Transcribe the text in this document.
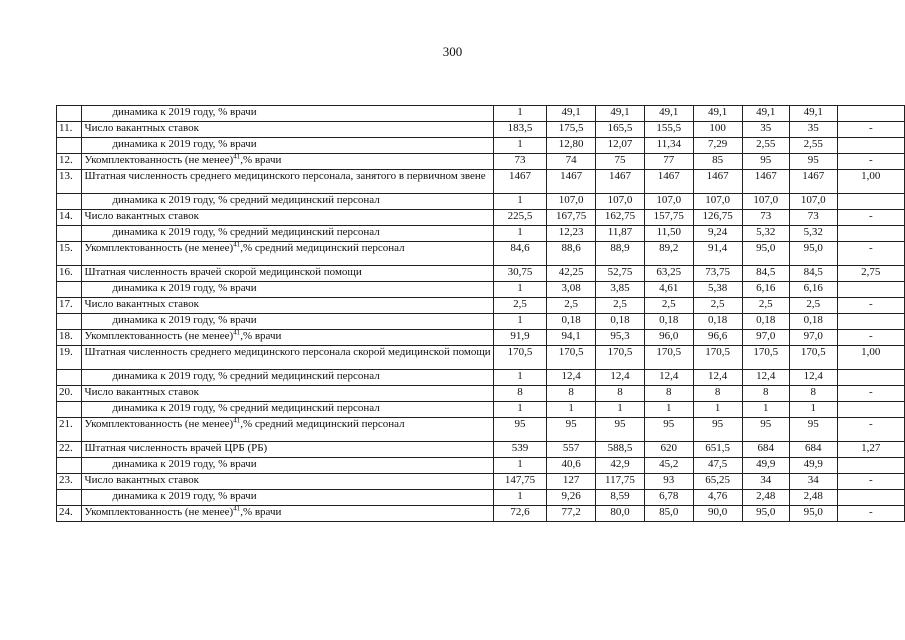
300
	динамика к 2019 году, % врачи	1	49,1	49,1	49,1	49,1	49,1	49,1	
11.	Число вакантных ставок	183,5	175,5	165,5	155,5	100	35	35	-
	динамика к 2019 году, % врачи	1	12,80	12,07	11,34	7,29	2,55	2,55	
12.	Укомплектованность (не менее)$^{41}$,% врачи	73	74	75	77	85	95	95	-
13.	Штатная численность среднего медицинского персонала, занятого в первичном звене	1467	1467	1467	1467	1467	1467	1467	1,00
	динамика к 2019 году, % средний медицинский персонал	1	107,0	107,0	107,0	107,0	107,0	107,0	
14.	Число вакантных ставок	225,5	167,75	162,75	157,75	126,75	73	73	-
	динамика к 2019 году, % средний медицинский персонал	1	12,23	11,87	11,50	9,24	5,32	5,32	
15.	Укомплектованность (не менее)$^{41}$,% средний медицинский персонал	84,6	88,6	88,9	89,2	91,4	95,0	95,0	-
16.	Штатная численность врачей скорой медицинской помощи	30,75	42,25	52,75	63,25	73,75	84,5	84,5	2,75
	динамика к 2019 году, % врачи	1	3,08	3,85	4,61	5,38	6,16	6,16	
17.	Число вакантных ставок	2,5	2,5	2,5	2,5	2,5	2,5	2,5	-
	динамика к 2019 году, % врачи	1	0,18	0,18	0,18	0,18	0,18	0,18	
18.	Укомплектованность (не менее)$^{41}$,% врачи	91,9	94,1	95,3	96,0	96,6	97,0	97,0	-
19.	Штатная численность среднего медицинского персонала скорой медицинской помощи	170,5	170,5	170,5	170,5	170,5	170,5	170,5	1,00
	динамика к 2019 году, % средний медицинский персонал	1	12,4	12,4	12,4	12,4	12,4	12,4	
20.	Число вакантных ставок	8	8	8	8	8	8	8	-
	динамика к 2019 году, % средний медицинский персонал	1	1	1	1	1	1	1	
21.	Укомплектованность (не менее)$^{41}$,% средний медицинский персонал	95	95	95	95	95	95	95	-
22.	Штатная численность врачей ЦРБ (РБ)	539	557	588,5	620	651,5	684	684	1,27
	динамика к 2019 году, % врачи	1	40,6	42,9	45,2	47,5	49,9	49,9	
23.	Число вакантных ставок	147,75	127	117,75	93	65,25	34	34	-
	динамика к 2019 году, % врачи	1	9,26	8,59	6,78	4,76	2,48	2,48	
24.	Укомплектованность (не менее)$^{41}$,% врачи	72,6	77,2	80,0	85,0	90,0	95,0	95,0	-
